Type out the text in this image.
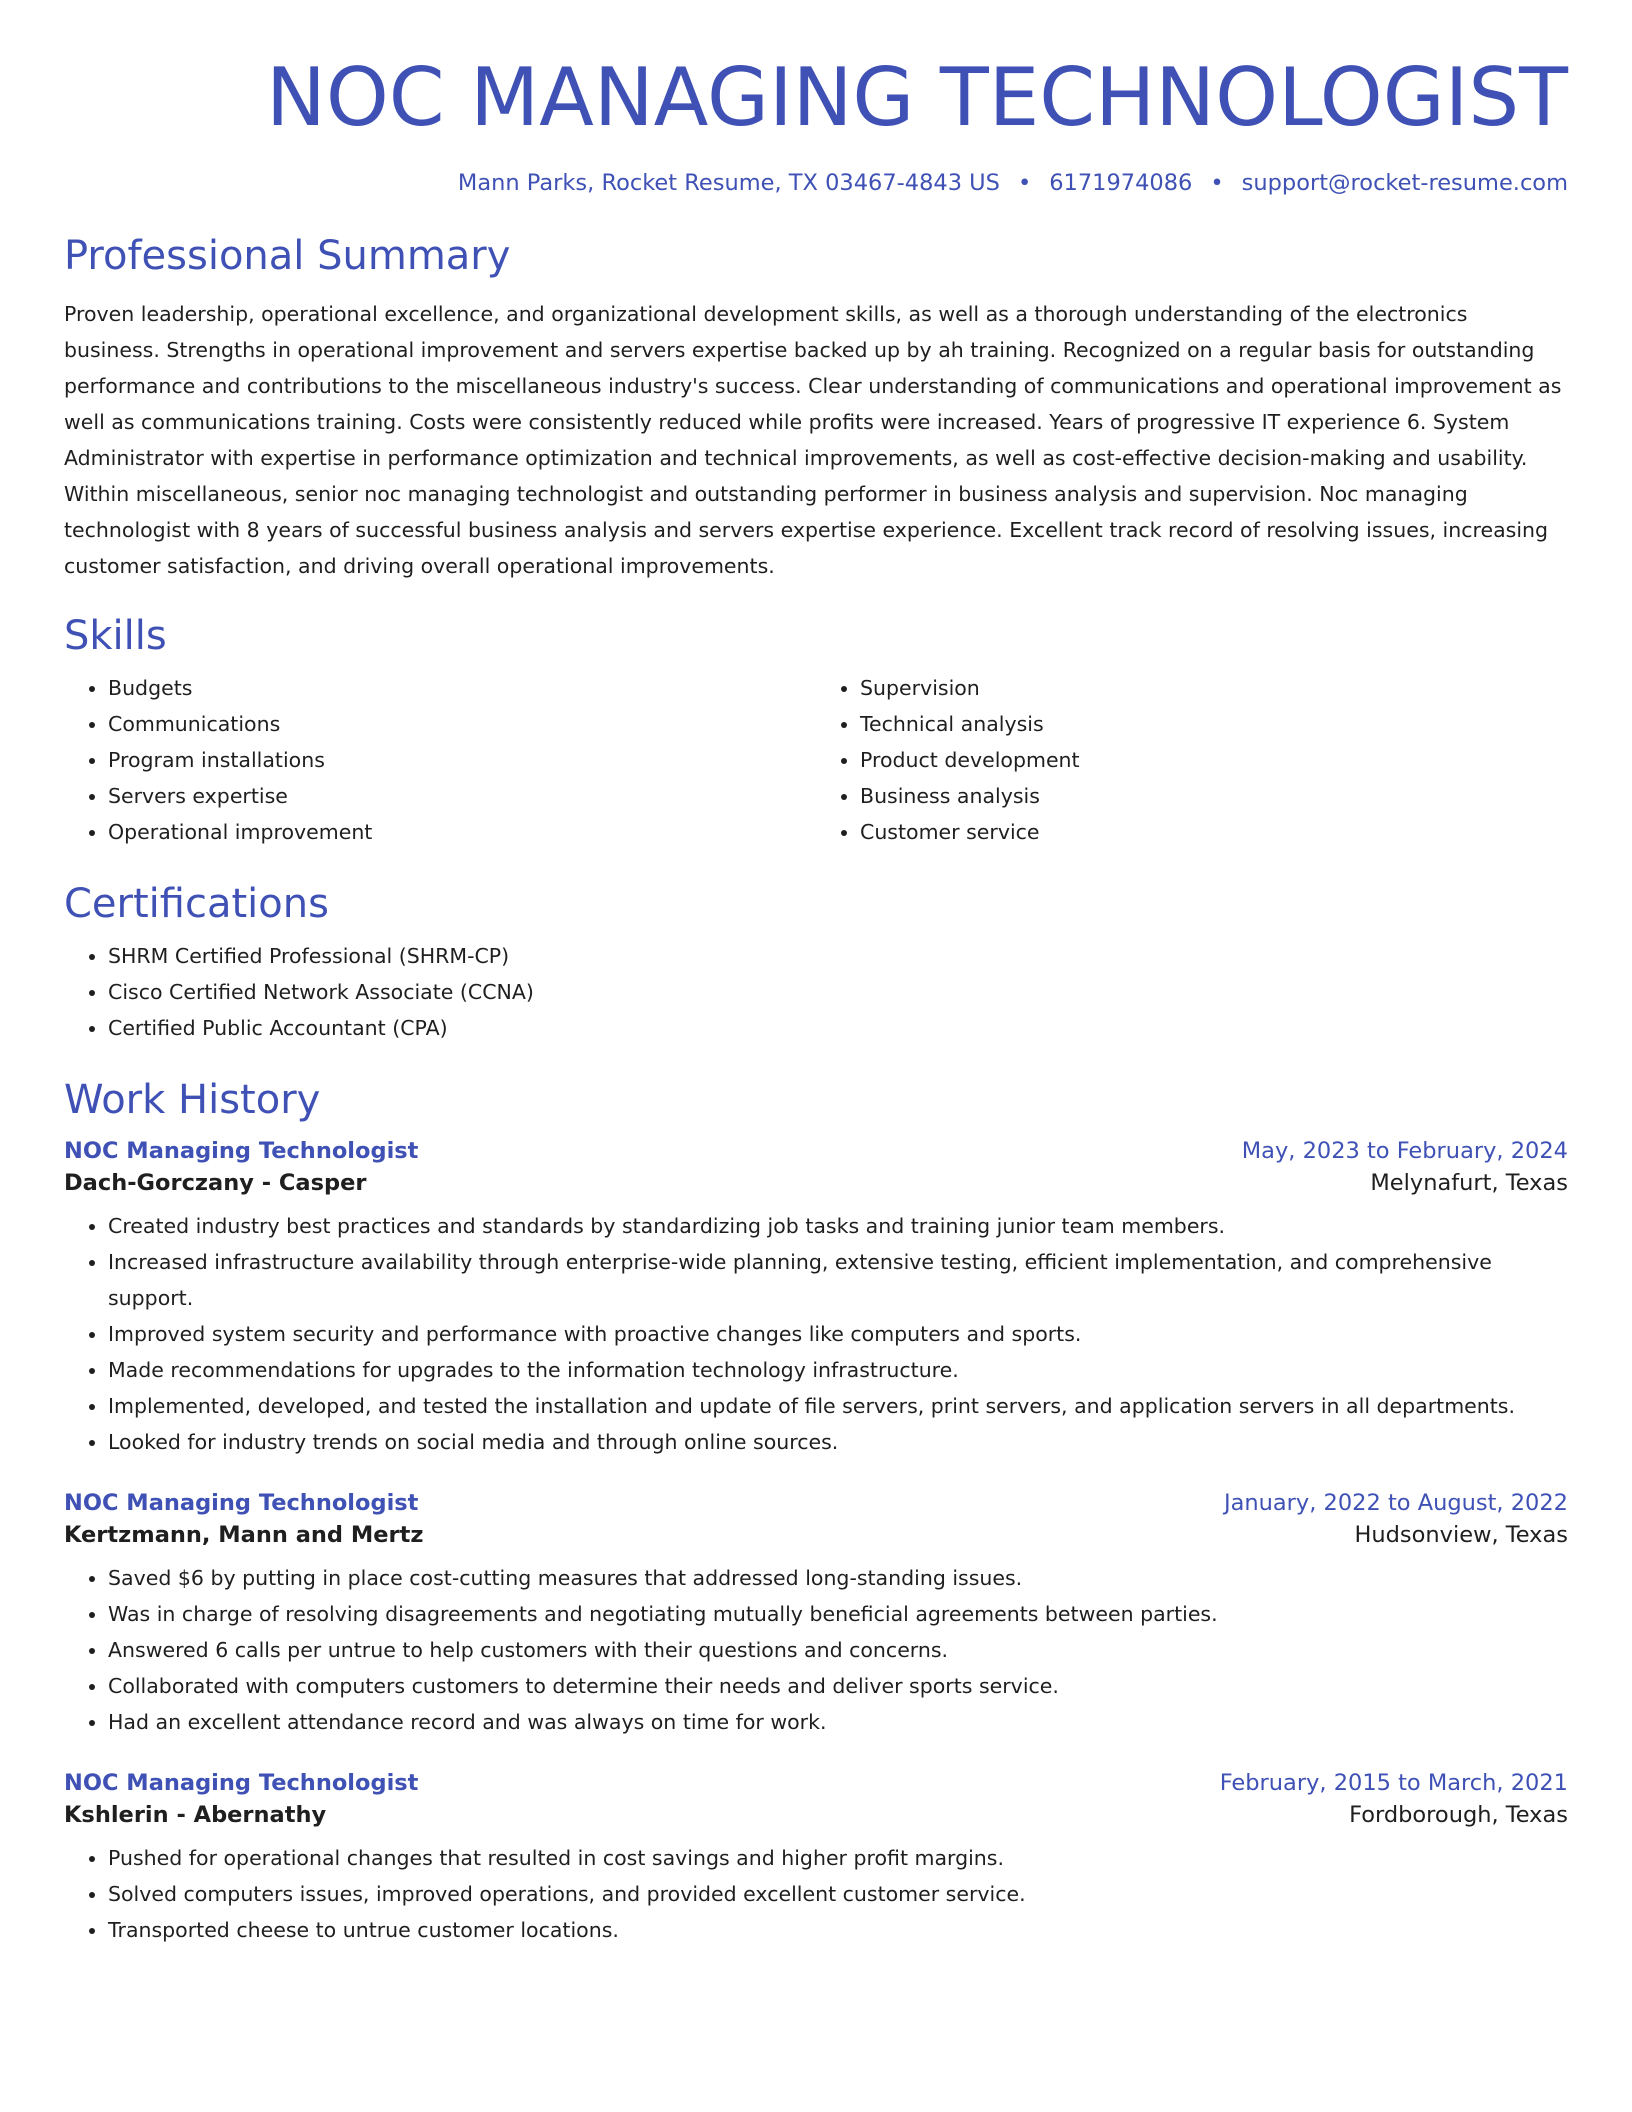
NOC MANAGING TECHNOLOGIST
Mann Parks, Rocket Resume, TX 03467-4843 US • 6171974086 • support@rocket-resume.com
Professional Summary

Proven leadership, operational excellence, and organizational development skills, as well as a thorough understanding of the electronics business. Strengths in operational improvement and servers expertise backed up by ah training. Recognized on a regular basis for outstanding performance and contributions to the miscellaneous industry's success. Clear understanding of communications and operational improvement as well as communications training. Costs were consistently reduced while profits were increased. Years of progressive IT experience 6. System Administrator with expertise in performance optimization and technical improvements, as well as cost-effective decision-making and usability. Within miscellaneous, senior noc managing technologist and outstanding performer in business analysis and supervision. Noc managing technologist with 8 years of successful business analysis and servers expertise experience. Excellent track record of resolving issues, increasing customer satisfaction, and driving overall operational improvements.

Skills
• Budgets
• Communications
• Program installations
• Servers expertise
• Operational improvement
• Supervision
• Technical analysis
• Product development
• Business analysis
• Customer service
Certifications
• SHRM Certified Professional (SHRM-CP)
• Cisco Certified Network Associate (CCNA)
• Certified Public Accountant (CPA)
Work History
NOC Managing Technologist	May, 2023 to February, 2024
Dach-Gorczany - Casper	Melynafurt, Texas
• Created industry best practices and standards by standardizing job tasks and training junior team members.
• Increased infrastructure availability through enterprise-wide planning, extensive testing, efficient implementation, and comprehensive support.
• Improved system security and performance with proactive changes like computers and sports.
• Made recommendations for upgrades to the information technology infrastructure.
• Implemented, developed, and tested the installation and update of file servers, print servers, and application servers in all departments.
• Looked for industry trends on social media and through online sources.
NOC Managing Technologist	January, 2022 to August, 2022
Kertzmann, Mann and Mertz	Hudsonview, Texas
• Saved $6 by putting in place cost-cutting measures that addressed long-standing issues.
• Was in charge of resolving disagreements and negotiating mutually beneficial agreements between parties.
• Answered 6 calls per untrue to help customers with their questions and concerns.
• Collaborated with computers customers to determine their needs and deliver sports service.
• Had an excellent attendance record and was always on time for work.
NOC Managing Technologist	February, 2015 to March, 2021
Kshlerin - Abernathy	Fordborough, Texas
• Pushed for operational changes that resulted in cost savings and higher profit margins.
• Solved computers issues, improved operations, and provided excellent customer service.
• Transported cheese to untrue customer locations.
